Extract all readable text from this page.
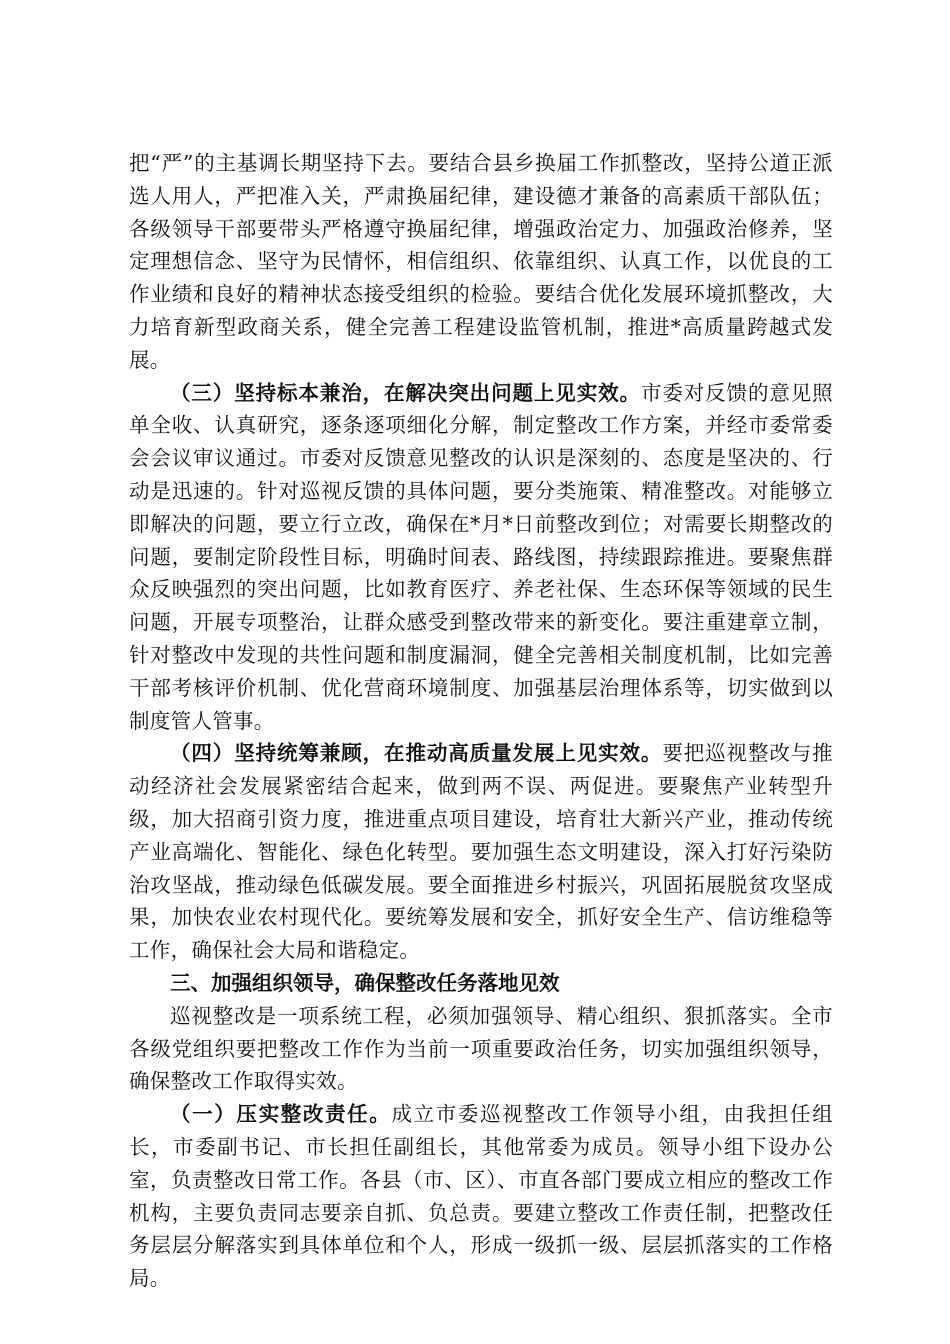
把“严”的主基调长期坚持下去。要结合县乡换届工作抓整改，坚持公道正派选人用人，严把准入关，严肃换届纪律，建设德才兼备的高素质干部队伍；各级领导干部要带头严格遵守换届纪律，增强政治定力、加强政治修养，坚定理想信念、坚守为民情怀，相信组织、依靠组织、认真工作，以优良的工作业绩和良好的精神状态接受组织的检验。要结合优化发展环境抓整改，大力培育新型政商关系，健全完善工程建设监管机制，推进*高质量跨越式发展。

（三）坚持标本兼治，在解决突出问题上见实效。市委对反馈的意见照单全收、认真研究，逐条逐项细化分解，制定整改工作方案，并经市委常委会会议审议通过。市委对反馈意见整改的认识是深刻的、态度是坚决的、行动是迅速的。针对巡视反馈的具体问题，要分类施策、精准整改。对能够立即解决的问题，要立行立改，确保在*月*日前整改到位；对需要长期整改的问题，要制定阶段性目标，明确时间表、路线图，持续跟踪推进。要聚焦群众反映强烈的突出问题，比如教育医疗、养老社保、生态环保等领域的民生问题，开展专项整治，让群众感受到整改带来的新变化。要注重建章立制，针对整改中发现的共性问题和制度漏洞，健全完善相关制度机制，比如完善干部考核评价机制、优化营商环境制度、加强基层治理体系等，切实做到以制度管人管事。

（四）坚持统筹兼顾，在推动高质量发展上见实效。要把巡视整改与推动经济社会发展紧密结合起来，做到两不误、两促进。要聚焦产业转型升级，加大招商引资力度，推进重点项目建设，培育壮大新兴产业，推动传统产业高端化、智能化、绿色化转型。要加强生态文明建设，深入打好污染防治攻坚战，推动绿色低碳发展。要全面推进乡村振兴，巩固拓展脱贫攻坚成果，加快农业农村现代化。要统筹发展和安全，抓好安全生产、信访维稳等工作，确保社会大局和谐稳定。

三、加强组织领导，确保整改任务落地见效

巡视整改是一项系统工程，必须加强领导、精心组织、狠抓落实。全市各级党组织要把整改工作作为当前一项重要政治任务，切实加强组织领导，确保整改工作取得实效。

（一）压实整改责任。成立市委巡视整改工作领导小组，由我担任组长，市委副书记、市长担任副组长，其他常委为成员。领导小组下设办公室，负责整改日常工作。各县（市、区）、市直各部门要成立相应的整改工作机构，主要负责同志要亲自抓、负总责。要建立整改工作责任制，把整改任务层层分解落实到具体单位和个人，形成一级抓一级、层层抓落实的工作格局。
